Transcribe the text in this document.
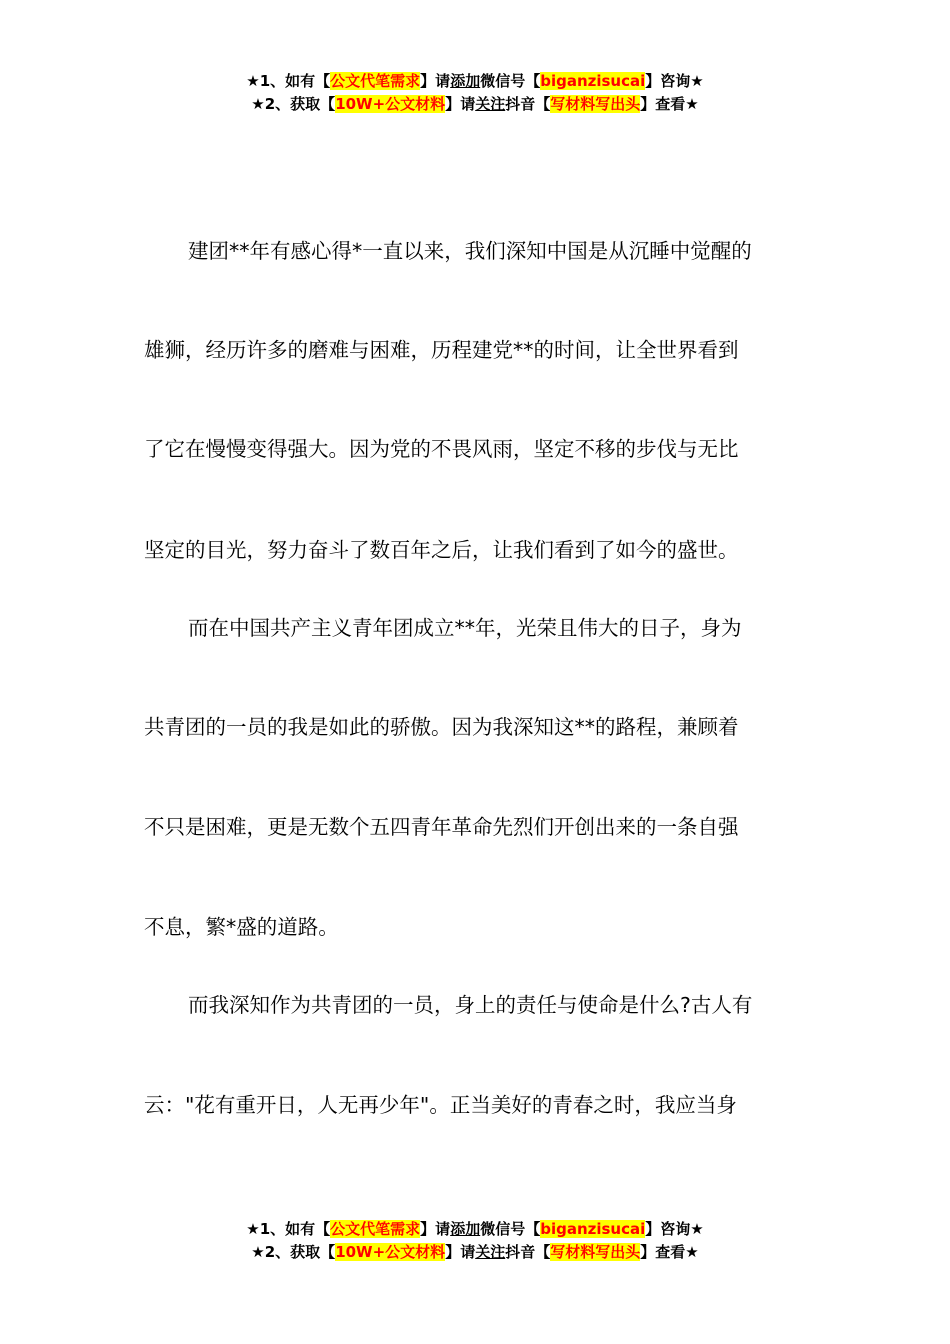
★1、如有【公文代笔需求】请添加微信号【biganzisucai】咨询★
★2、获取【10W+公文材料】请关注抖音【写材料写出头】查看★
建团**年有感心得*一直以来，我们深知中国是从沉睡中觉醒的
雄狮，经历许多的磨难与困难，历程建党**的时间，让全世界看到
了它在慢慢变得强大。因为党的不畏风雨，坚定不移的步伐与无比
坚定的目光，努力奋斗了数百年之后，让我们看到了如今的盛世。
而在中国共产主义青年团成立**年，光荣且伟大的日子，身为
共青团的一员的我是如此的骄傲。因为我深知这**的路程，兼顾着
不只是困难，更是无数个五四青年革命先烈们开创出来的一条自强
不息，繁*盛的道路。
而我深知作为共青团的一员，身上的责任与使命是什么?古人有
云："花有重开日，人无再少年"。正当美好的青春之时，我应当身
★1、如有【公文代笔需求】请添加微信号【biganzisucai】咨询★
★2、获取【10W+公文材料】请关注抖音【写材料写出头】查看★
